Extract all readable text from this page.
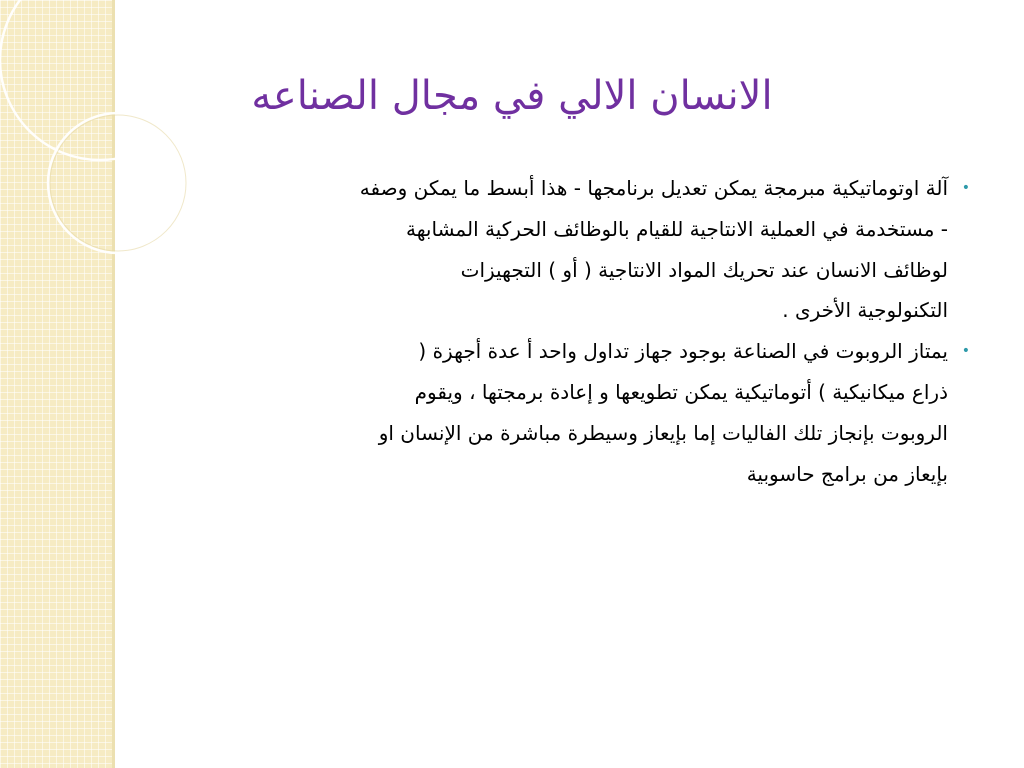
الانسان الالي في مجال الصناعه
•
آلة اوتوماتيكية مبرمجة يمكن تعديل برنامجها - هذا أبسط ما يمكن وصفه
- مستخدمة في العملية الانتاجية للقيام بالوظائف الحركية المشابهة
لوظائف الانسان عند تحريك المواد الانتاجية ( أو ) التجهيزات
التكنولوجية الأخرى .
•
يمتاز الروبوت في الصناعة بوجود جهاز تداول واحد أ عدة أجهزة (
ذراع ميكانيكية ) أتوماتيكية يمكن تطويعها و إعادة برمجتها ، ويقوم
الروبوت بإنجاز تلك الفاليات إما بإيعاز وسيطرة مباشرة من الإنسان او
بإيعاز من برامج حاسوبية
